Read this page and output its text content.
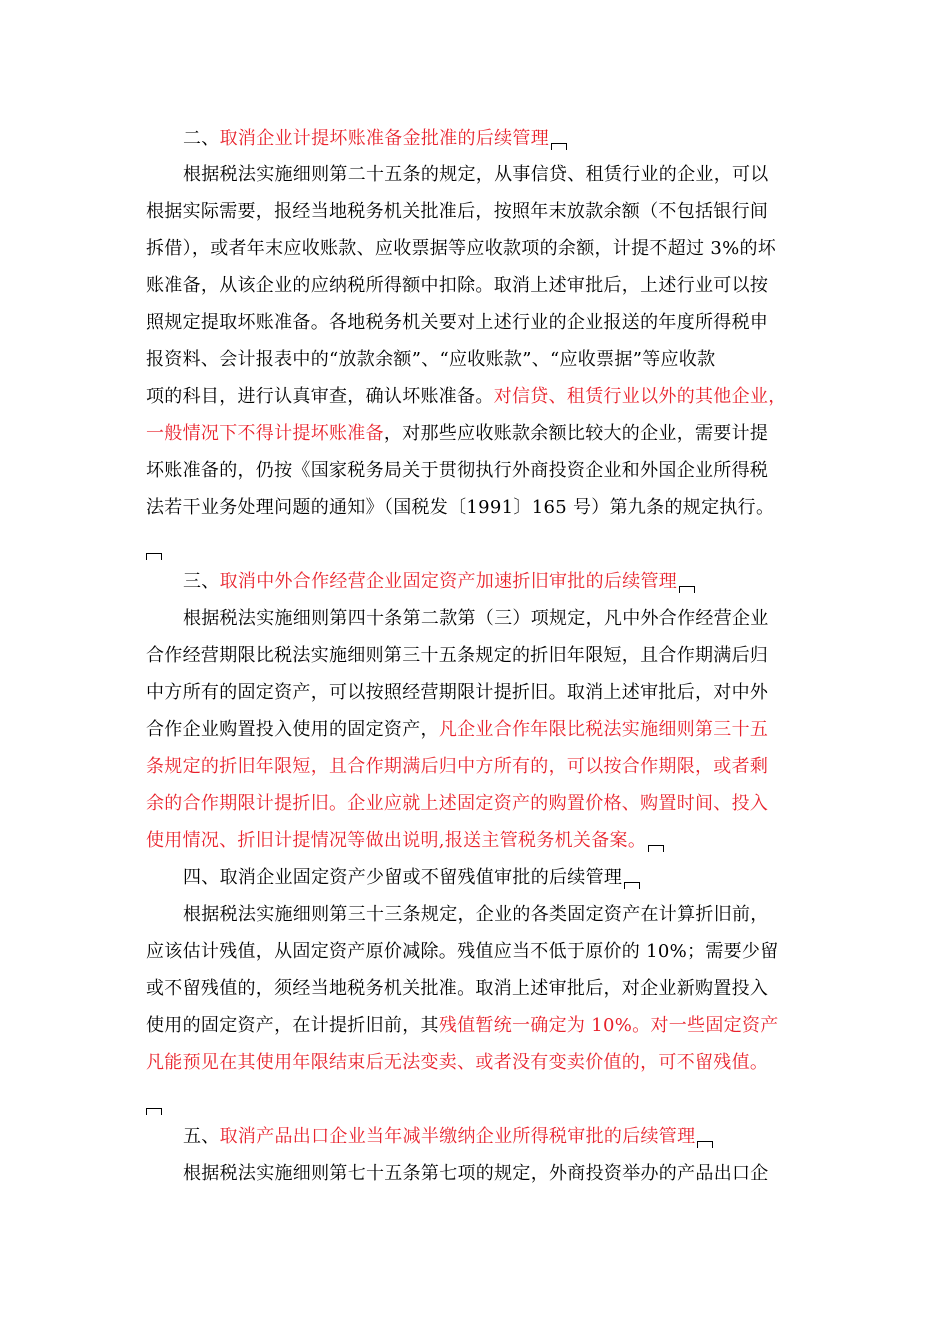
二、取消企业计提坏账准备金批准的后续管理
根据税法实施细则第二十五条的规定，从事信贷、租赁行业的企业，可以
根据实际需要，报经当地税务机关批准后，按照年末放款余额（不包括银行间
拆借），或者年末应收账款、应收票据等应收款项的余额，计提不超过 3%的坏
账准备，从该企业的应纳税所得额中扣除。取消上述审批后，上述行业可以按
照规定提取坏账准备。各地税务机关要对上述行业的企业报送的年度所得税申
报资料、会计报表中的“放款余额”、“应收账款”、“应收票据”等应收款
项的科目，进行认真审查，确认坏账准备。对信贷、租赁行业以外的其他企业，
一般情况下不得计提坏账准备，对那些应收账款余额比较大的企业，需要计提
坏账准备的，仍按《国家税务局关于贯彻执行外商投资企业和外国企业所得税
法若干业务处理问题的通知》（国税发〔1991〕165 号）第九条的规定执行。
三、取消中外合作经营企业固定资产加速折旧审批的后续管理
根据税法实施细则第四十条第二款第（三）项规定，凡中外合作经营企业
合作经营期限比税法实施细则第三十五条规定的折旧年限短，且合作期满后归
中方所有的固定资产，可以按照经营期限计提折旧。取消上述审批后，对中外
合作企业购置投入使用的固定资产，凡企业合作年限比税法实施细则第三十五
条规定的折旧年限短，且合作期满后归中方所有的，可以按合作期限，或者剩
余的合作期限计提折旧。企业应就上述固定资产的购置价格、购置时间、投入
使用情况、折旧计提情况等做出说明,报送主管税务机关备案。
四、取消企业固定资产少留或不留残值审批的后续管理
根据税法实施细则第三十三条规定，企业的各类固定资产在计算折旧前，
应该估计残值，从固定资产原价减除。残值应当不低于原价的 10%；需要少留
或不留残值的，须经当地税务机关批准。取消上述审批后，对企业新购置投入
使用的固定资产，在计提折旧前，其残值暂统一确定为 10%。对一些固定资产
凡能预见在其使用年限结束后无法变卖、或者没有变卖价值的，可不留残值。
五、取消产品出口企业当年减半缴纳企业所得税审批的后续管理
根据税法实施细则第七十五条第七项的规定，外商投资举办的产品出口企
